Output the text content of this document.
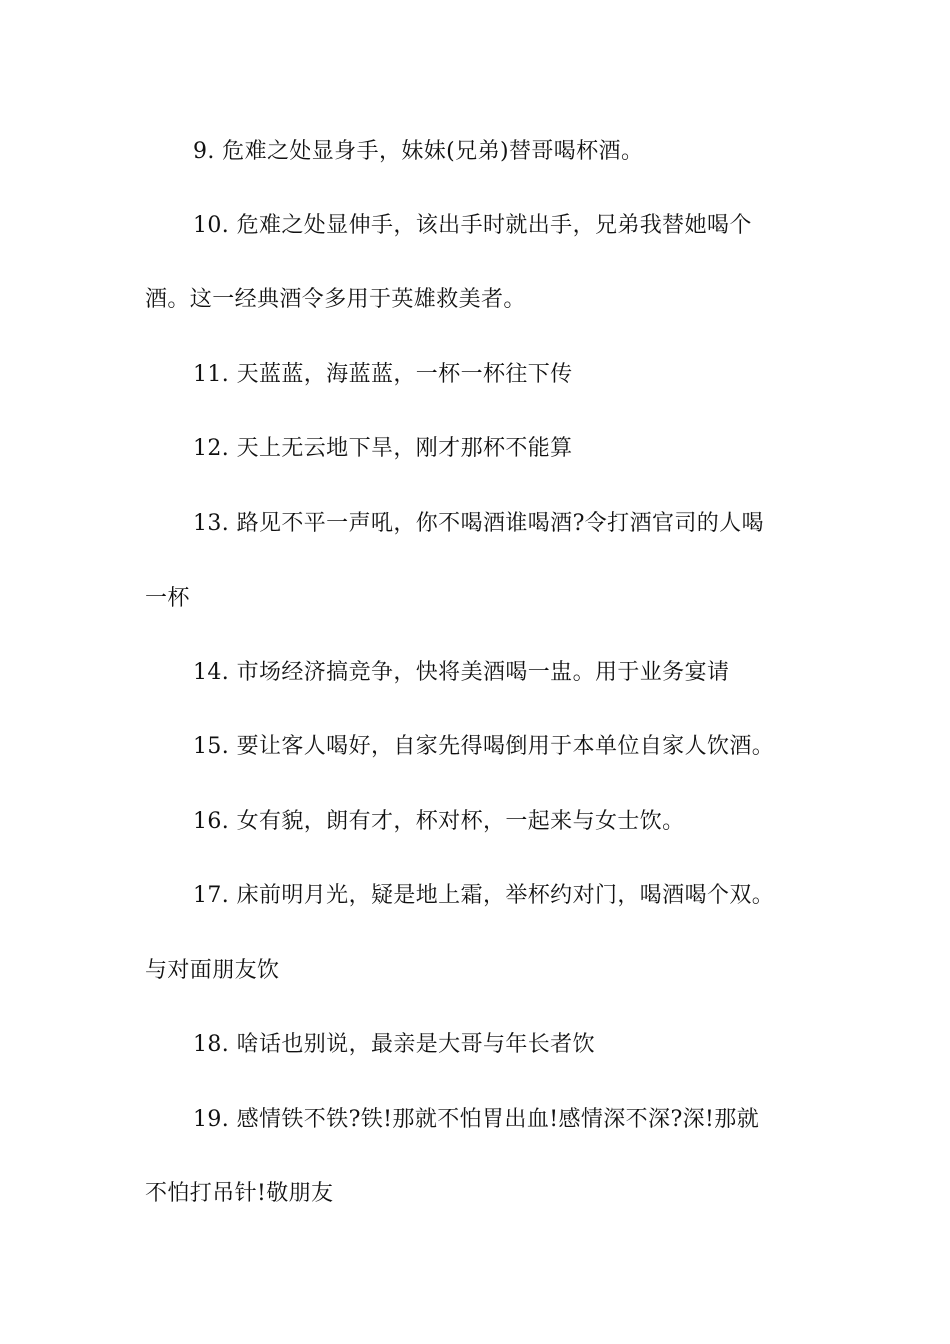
9. 危难之处显身手，妹妹(兄弟)替哥喝杯酒。
10. 危难之处显伸手，该出手时就出手，兄弟我替她喝个
酒。这一经典酒令多用于英雄救美者。
11. 天蓝蓝，海蓝蓝，一杯一杯往下传
12. 天上无云地下旱，刚才那杯不能算
13. 路见不平一声吼，你不喝酒谁喝酒?令打酒官司的人喝
一杯
14. 市场经济搞竞争，快将美酒喝一盅。用于业务宴请
15. 要让客人喝好，自家先得喝倒用于本单位自家人饮酒。
16. 女有貌，朗有才，杯对杯，一起来与女士饮。
17. 床前明月光，疑是地上霜，举杯约对门，喝酒喝个双。
与对面朋友饮
18. 啥话也别说，最亲是大哥与年长者饮
19. 感情铁不铁?铁!那就不怕胃出血!感情深不深?深!那就
不怕打吊针!敬朋友
